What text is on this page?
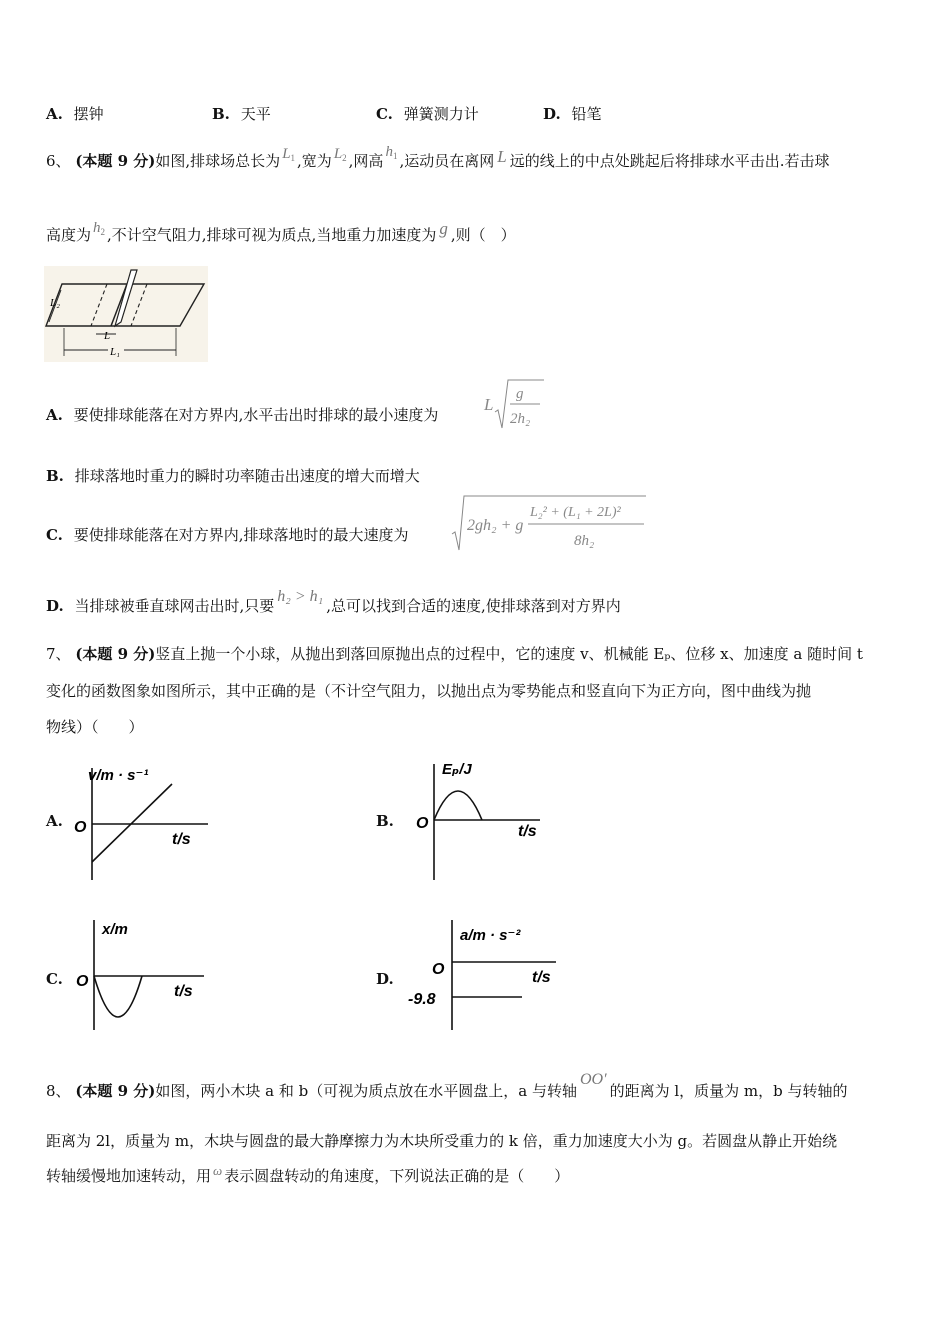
A. 摆钟	B. 天平	C. 弹簧测力计	D. 铅笔
6、 (本题 9 分)如图,排球场总长为 $L_1$ ,宽为 $L_2$ ,网高 $h_1$ ,运动员在离网 L 远的线上的中点处跳起后将排球水平击出.若击球
高度为 $h_2$ ,不计空气阻力,排球可视为质点,当地重力加速度为 g ,则（　）
L₂
L
L₁
A. 要使排球能落在对方界内,水平击出时排球的最小速度为
L
g
2h₂
B. 排球落地时重力的瞬时功率随击出速度的增大而增大
C. 要使排球能落在对方界内,排球落地时的最大速度为
2gh₂ + g
L₂² + (L₁ + 2L)²
8h₂
D. 当排球被垂直球网击出时,只要h₂ > h₁,总可以找到合适的速度,使排球落到对方界内
7、 (本题 9 分)竖直上抛一个小球，从抛出到落回原抛出点的过程中，它的速度 v、机械能 Eₚ、位移 x、加速度 a 随时间 t
变化的函数图象如图所示，其中正确的是（不计空气阻力，以抛出点为零势能点和竖直向下为正方向，图中曲线为抛
物线）（　　）
A.
v/m · s⁻¹
t/s
O	B.
Eₚ/J
t/s
O
C.
x/m
t/s
O	D.
a/m · s⁻²
t/s
O
-9.8
8、 (本题 9 分)如图，两小木块 a 和 b（可视为质点放在水平圆盘上，a 与转轴OO′的距离为 l，质量为 m，b 与转轴的
距离为 2l，质量为 m，木块与圆盘的最大静摩擦力为木块所受重力的 k 倍，重力加速度大小为 g。若圆盘从静止开始绕
转轴缓慢地加速转动，用 ω 表示圆盘转动的角速度，下列说法正确的是（　　）
